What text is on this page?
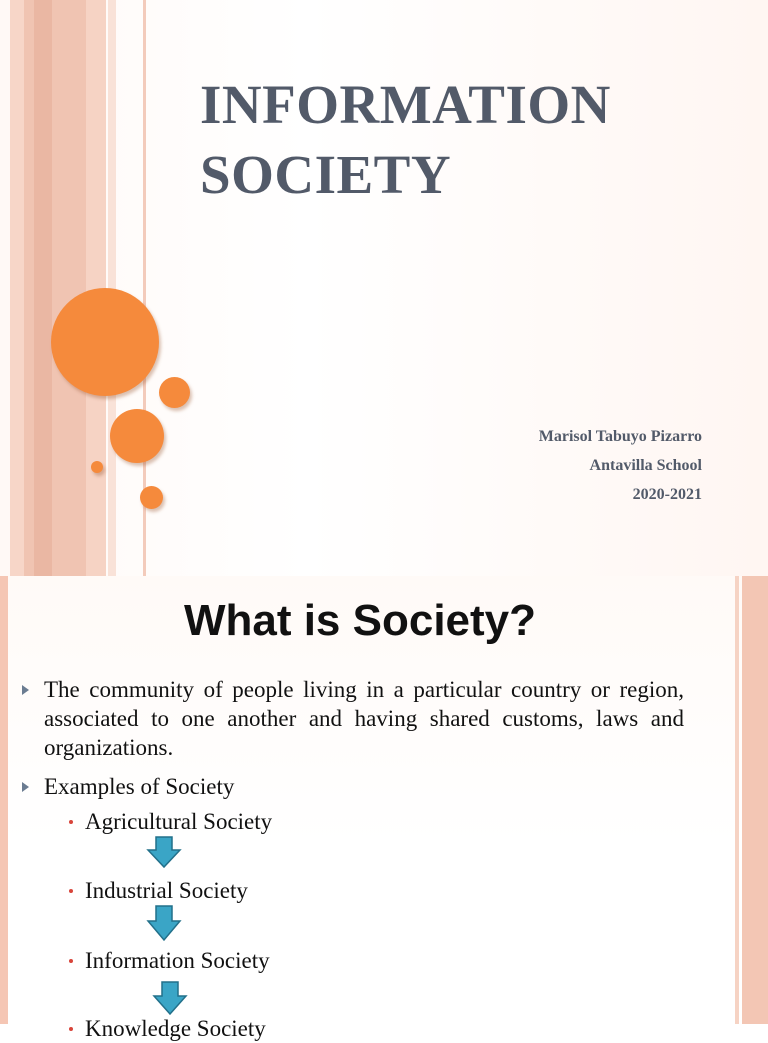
INFORMATION
SOCIETY
Marisol Tabuyo Pizarro
Antavilla School
2020-2021
What is Society?
The community of people living in a particular country or region, associated to one another and having shared customs, laws and organizations.
Examples of Society
Agricultural Society
Industrial Society
Information Society
Knowledge Society
